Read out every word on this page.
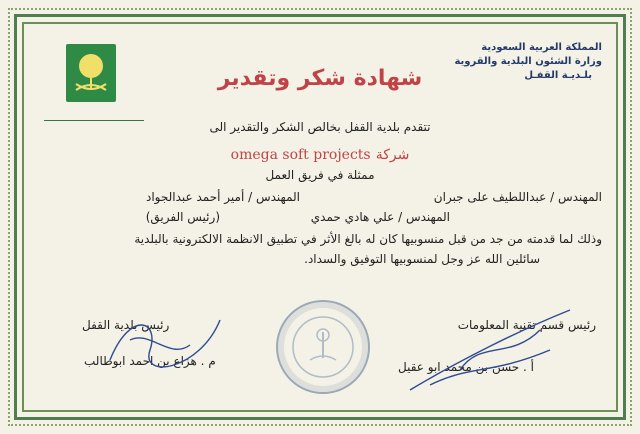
المملكة العربية السعودية
وزارة الشئون البلدية والقروية
بلـديـة القفـل
شهادة شكر وتقدير
تتقدم بلدية القفل بخالص الشكر والتقدير الى
omega soft projects شركة
ممثلة في فريق العمل
المهندس / عبداللطيف على جبران
المهندس / أمير أحمد عبدالجواد
(رئيس الفريق)	المهندس / علي هادي حمدي
وذلك لما قدمته من جد من قبل منسوبيها كان له بالغ الأثر في تطبيق الانظمة الالكترونية بالبلدية
سائلين الله عز وجل لمنسوبيها التوفيق والسداد.
رئيس بلدية القفل
م . هزاع بن احمد ابوطالب
رئيس قسم تقنية المعلومات
أ . حسن بن محمد ابو عقيل
